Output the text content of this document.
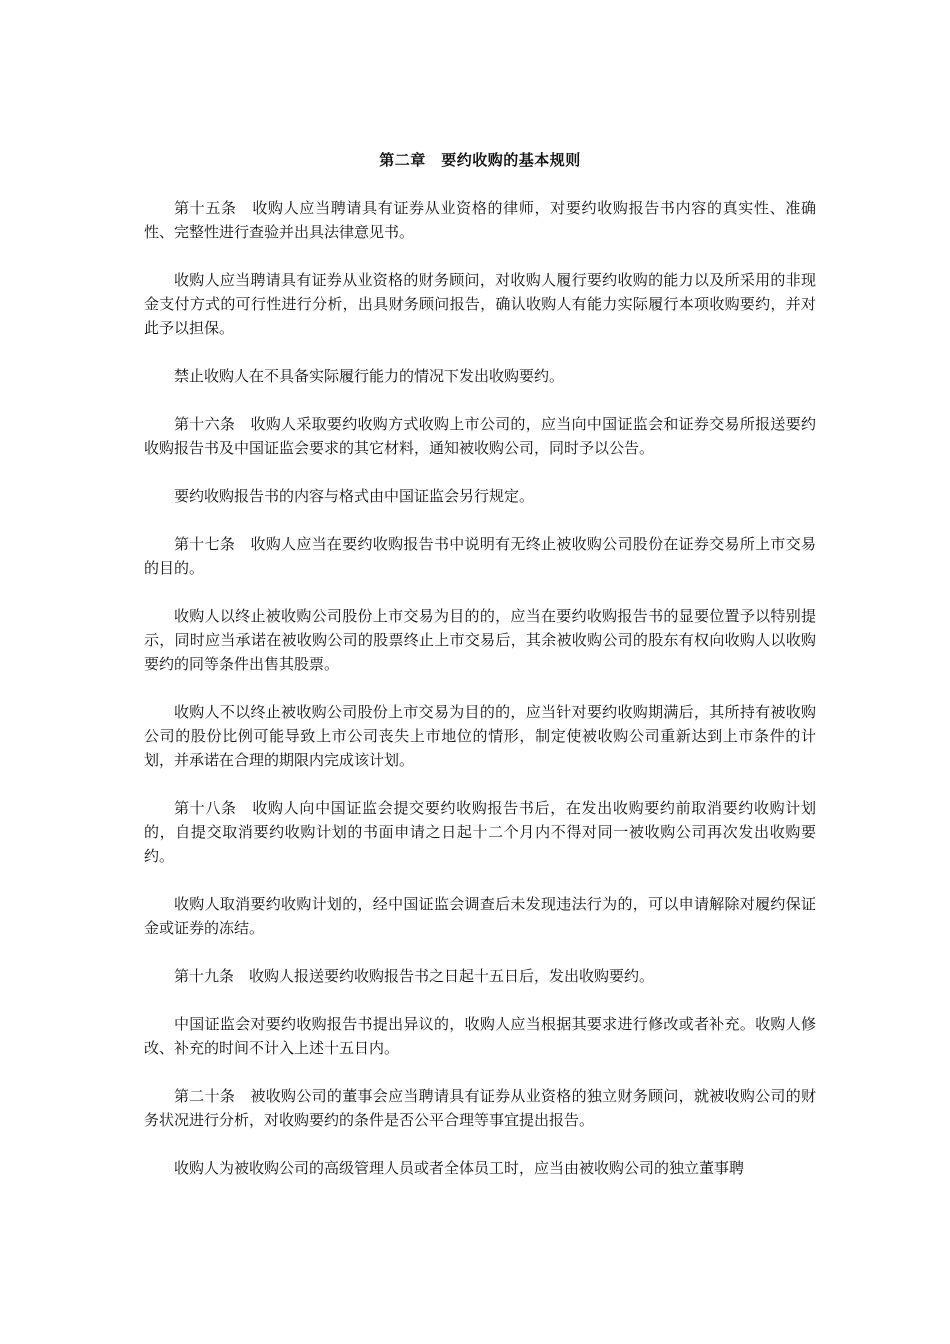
第二章　要约收购的基本规则

第十五条　收购人应当聘请具有证券从业资格的律师，对要约收购报告书内容的真实性、准确性、完整性进行查验并出具法律意见书。

收购人应当聘请具有证券从业资格的财务顾问，对收购人履行要约收购的能力以及所采用的非现金支付方式的可行性进行分析，出具财务顾问报告，确认收购人有能力实际履行本项收购要约，并对此予以担保。

禁止收购人在不具备实际履行能力的情况下发出收购要约。

第十六条　收购人采取要约收购方式收购上市公司的，应当向中国证监会和证券交易所报送要约收购报告书及中国证监会要求的其它材料，通知被收购公司，同时予以公告。

要约收购报告书的内容与格式由中国证监会另行规定。

第十七条　收购人应当在要约收购报告书中说明有无终止被收购公司股份在证券交易所上市交易的目的。

收购人以终止被收购公司股份上市交易为目的的，应当在要约收购报告书的显要位置予以特别提示，同时应当承诺在被收购公司的股票终止上市交易后，其余被收购公司的股东有权向收购人以收购要约的同等条件出售其股票。

收购人不以终止被收购公司股份上市交易为目的的，应当针对要约收购期满后，其所持有被收购公司的股份比例可能导致上市公司丧失上市地位的情形，制定使被收购公司重新达到上市条件的计划，并承诺在合理的期限内完成该计划。

第十八条　收购人向中国证监会提交要约收购报告书后，在发出收购要约前取消要约收购计划的，自提交取消要约收购计划的书面申请之日起十二个月内不得对同一被收购公司再次发出收购要约。

收购人取消要约收购计划的，经中国证监会调查后未发现违法行为的，可以申请解除对履约保证金或证券的冻结。

第十九条　收购人报送要约收购报告书之日起十五日后，发出收购要约。

中国证监会对要约收购报告书提出异议的，收购人应当根据其要求进行修改或者补充。收购人修改、补充的时间不计入上述十五日内。

第二十条　被收购公司的董事会应当聘请具有证券从业资格的独立财务顾问，就被收购公司的财务状况进行分析，对收购要约的条件是否公平合理等事宜提出报告。

收购人为被收购公司的高级管理人员或者全体员工时，应当由被收购公司的独立董事聘
